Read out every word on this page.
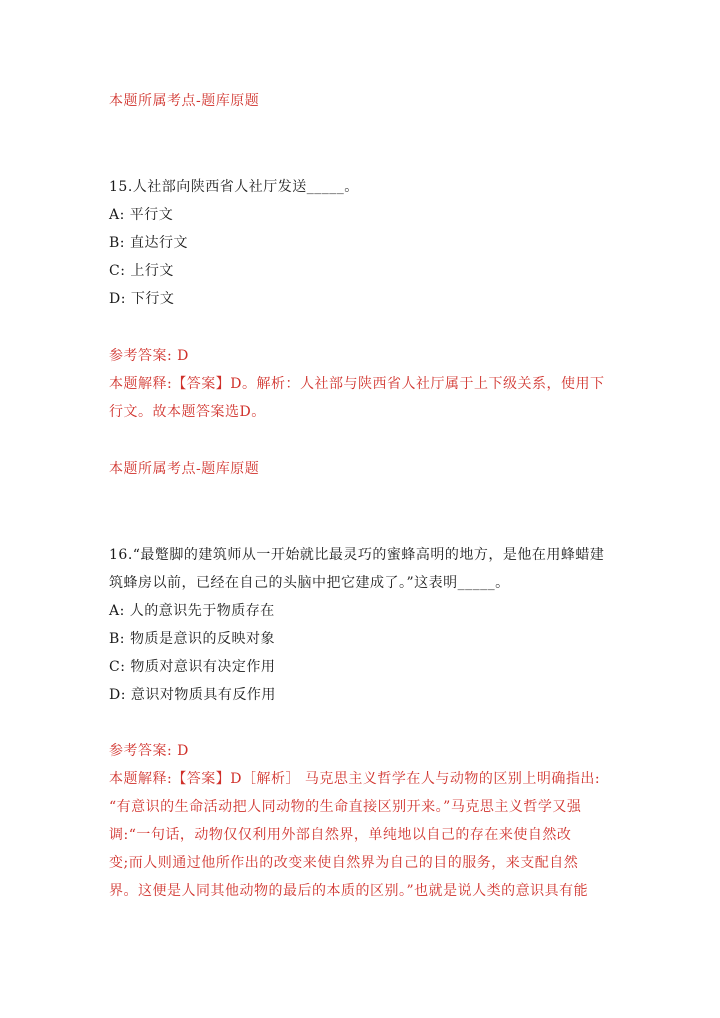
本题所属考点-题库原题
15.人社部向陕西省人社厅发送_____。
A: 平行文
B: 直达行文
C: 上行文
D: 下行文
参考答案: D
本题解释:【答案】D。解析：人社部与陕西省人社厅属于上下级关系，使用下
行文。故本题答案选D。
本题所属考点-题库原题
16.“最蹩脚的建筑师从一开始就比最灵巧的蜜蜂高明的地方，是他在用蜂蜡建
筑蜂房以前，已经在自己的头脑中把它建成了。”这表明_____。
A: 人的意识先于物质存在
B: 物质是意识的反映对象
C: 物质对意识有决定作用
D: 意识对物质具有反作用
参考答案: D
本题解释:【答案】D［解析］ 马克思主义哲学在人与动物的区别上明确指出:
“有意识的生命活动把人同动物的生命直接区别开来。”马克思主义哲学又强
调:“一句话，动物仅仅利用外部自然界，单纯地以自己的存在来使自然改
变;而人则通过他所作出的改变来使自然界为自己的目的服务，来支配自然
界。这便是人同其他动物的最后的本质的区别。”也就是说人类的意识具有能
